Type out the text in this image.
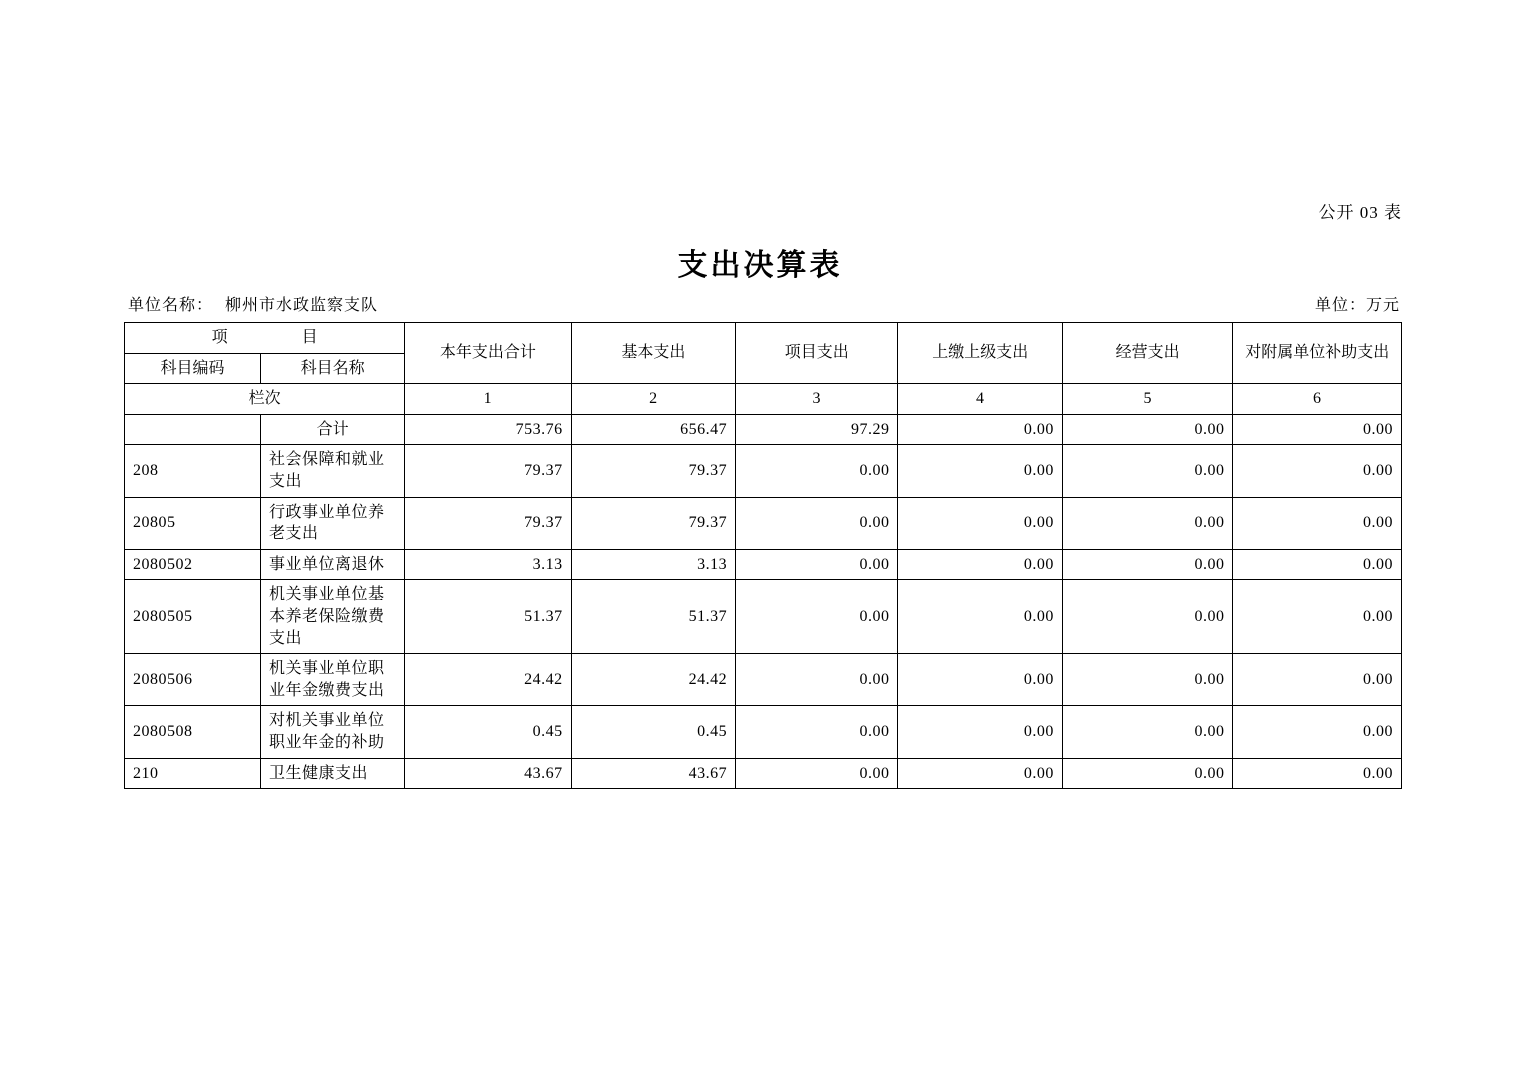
公开 03 表
支出决算表
单位名称： 柳州市水政监察支队	单位：万元
项　　目		本年支出合计	基本支出	项目支出	上缴上级支出	经营支出	对附属单位补助支出
科目编码	科目名称						
栏次		1	2	3	4	5	6
	合计	753.76	656.47	97.29	0.00	0.00	0.00
208	社会保障和就业支出	79.37	79.37	0.00	0.00	0.00	0.00
20805	行政事业单位养老支出	79.37	79.37	0.00	0.00	0.00	0.00
2080502	事业单位离退休	3.13	3.13	0.00	0.00	0.00	0.00
2080505	机关事业单位基本养老保险缴费支出	51.37	51.37	0.00	0.00	0.00	0.00
2080506	机关事业单位职业年金缴费支出	24.42	24.42	0.00	0.00	0.00	0.00
2080508	对机关事业单位职业年金的补助	0.45	0.45	0.00	0.00	0.00	0.00
210	卫生健康支出	43.67	43.67	0.00	0.00	0.00	0.00
